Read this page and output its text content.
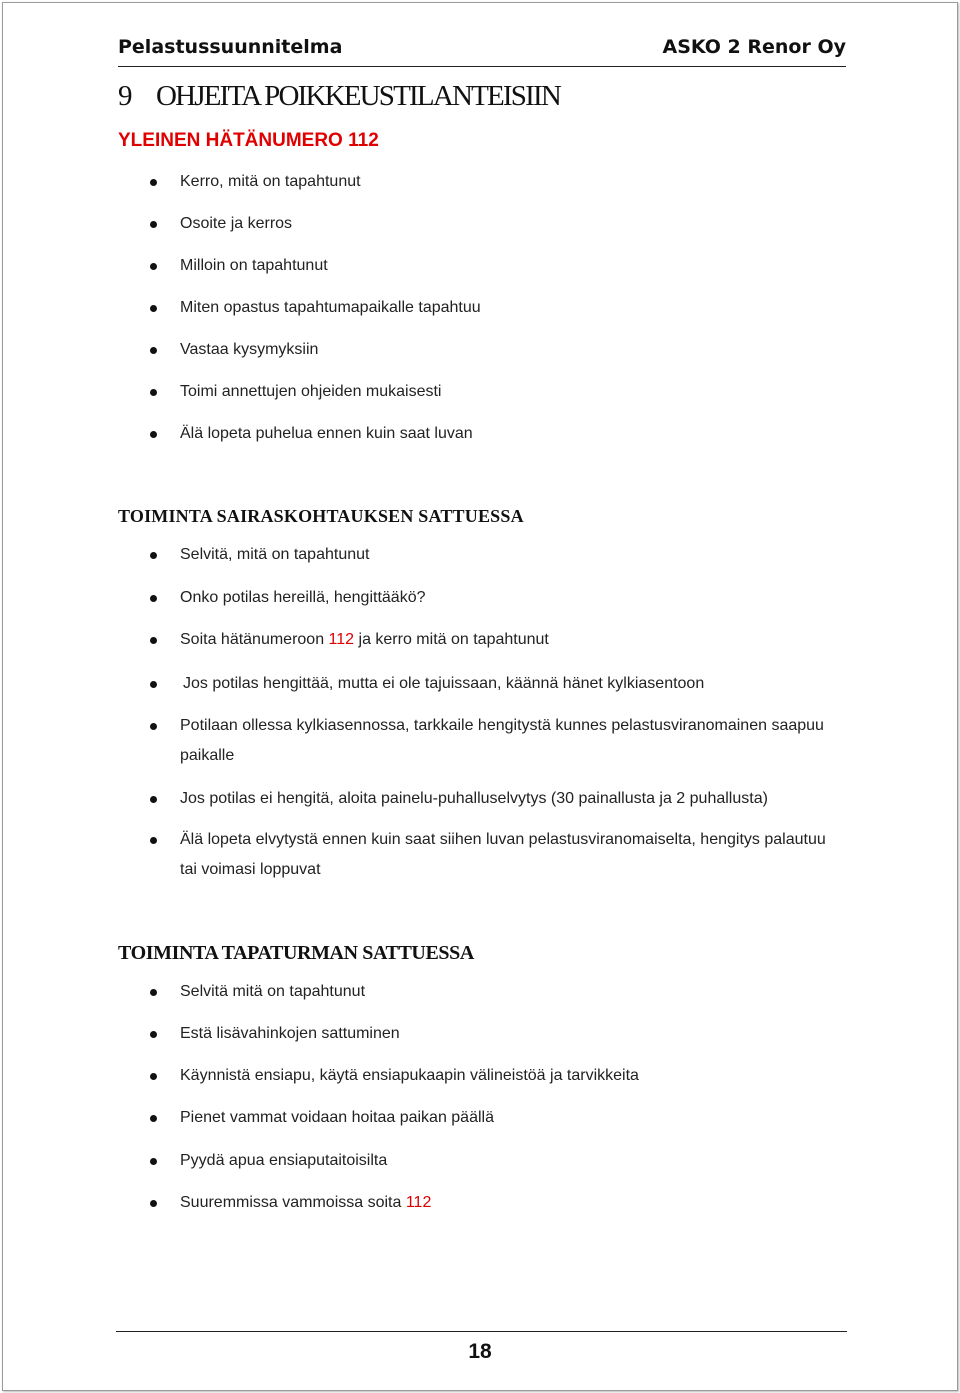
Pelastussuunnitelma	ASKO 2 Renor Oy
9 OHJEITA POIKKEUSTILANTEISIIN
YLEINEN HÄTÄNUMERO 112
Kerro, mitä on tapahtunut
Osoite ja kerros
Milloin on tapahtunut
Miten opastus tapahtumapaikalle tapahtuu
Vastaa kysymyksiin
Toimi annettujen ohjeiden mukaisesti
Älä lopeta puhelua ennen kuin saat luvan
TOIMINTA SAIRASKOHTAUKSEN SATTUESSA
Selvitä, mitä on tapahtunut
Onko potilas hereillä, hengittääkö?
Soita hätänumeroon 112 ja kerro mitä on tapahtunut
Jos potilas hengittää, mutta ei ole tajuissaan, käännä hänet kylkiasentoon
Potilaan ollessa kylkiasennossa, tarkkaile hengitystä kunnes pelastusviranomainen saapuu paikalle
Jos potilas ei hengitä, aloita painelu-puhalluselvytys (30 painallusta ja 2 puhallusta)
Älä lopeta elvytystä ennen kuin saat siihen luvan pelastusviranomaiselta, hengitys palautuu tai voimasi loppuvat
TOIMINTA TAPATURMAN SATTUESSA
Selvitä mitä on tapahtunut
Estä lisävahinkojen sattuminen
Käynnistä ensiapu, käytä ensiapukaapin välineistöä ja tarvikkeita
Pienet vammat voidaan hoitaa paikan päällä
Pyydä apua ensiaputaitoisilta
Suuremmissa vammoissa soita 112
18
